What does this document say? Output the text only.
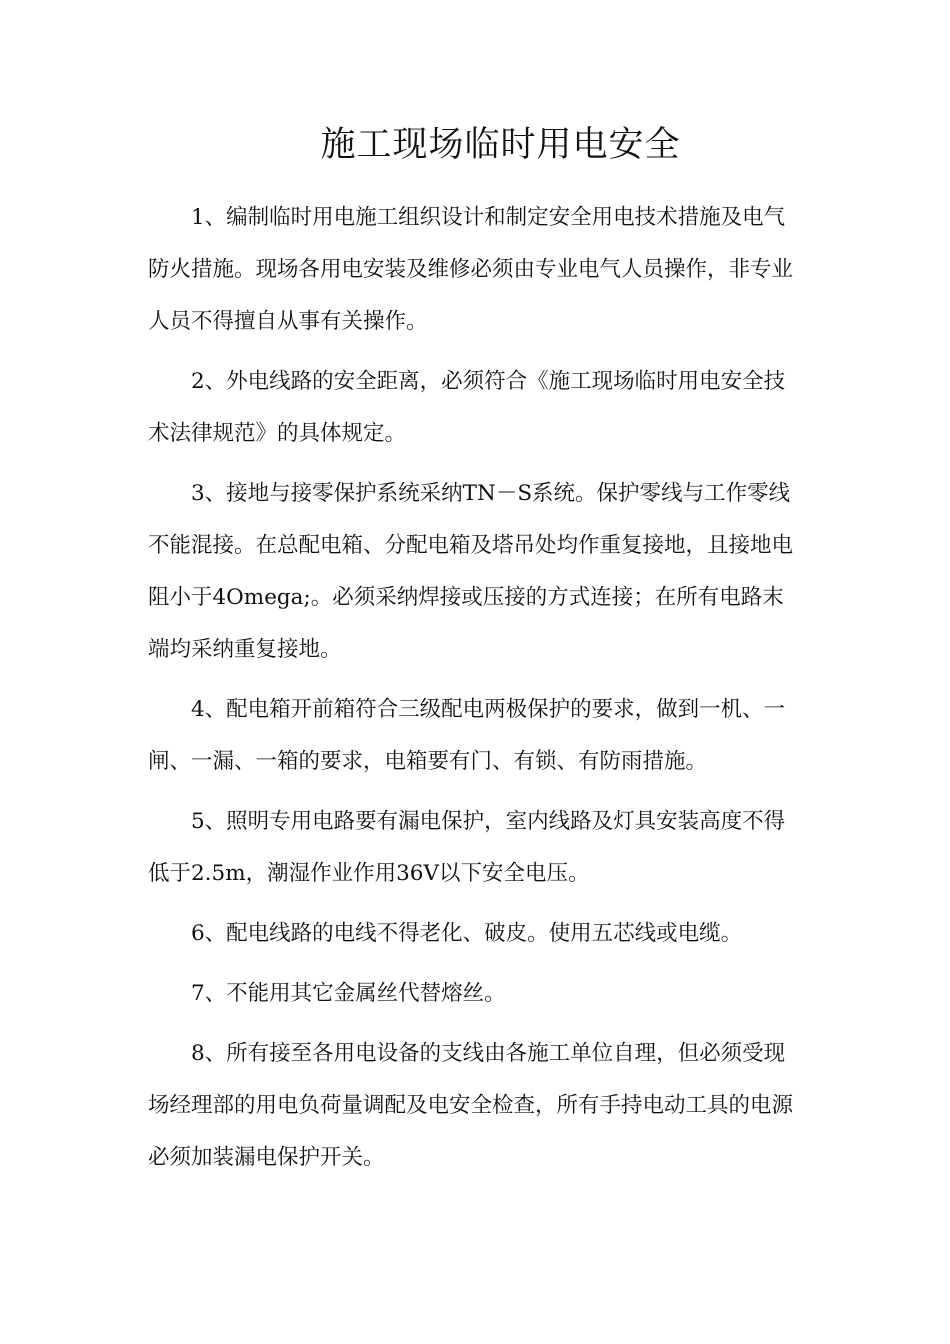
施工现场临时用电安全

1、编制临时用电施工组织设计和制定安全用电技术措施及电气防火措施。现场各用电安装及维修必须由专业电气人员操作，非专业人员不得擅自从事有关操作。

2、外电线路的安全距离，必须符合《施工现场临时用电安全技术法律规范》的具体规定。

3、接地与接零保护系统采纳TN－S系统。保护零线与工作零线不能混接。在总配电箱、分配电箱及塔吊处均作重复接地，且接地电阻小于4Omega;。必须采纳焊接或压接的方式连接；在所有电路末端均采纳重复接地。

4、配电箱开前箱符合三级配电两极保护的要求，做到一机、一闸、一漏、一箱的要求，电箱要有门、有锁、有防雨措施。

5、照明专用电路要有漏电保护，室内线路及灯具安装高度不得低于2.5m，潮湿作业作用36V以下安全电压。

6、配电线路的电线不得老化、破皮。使用五芯线或电缆。

7、不能用其它金属丝代替熔丝。

8、所有接至各用电设备的支线由各施工单位自理，但必须受现场经理部的用电负荷量调配及电安全检查，所有手持电动工具的电源必须加装漏电保护开关。
